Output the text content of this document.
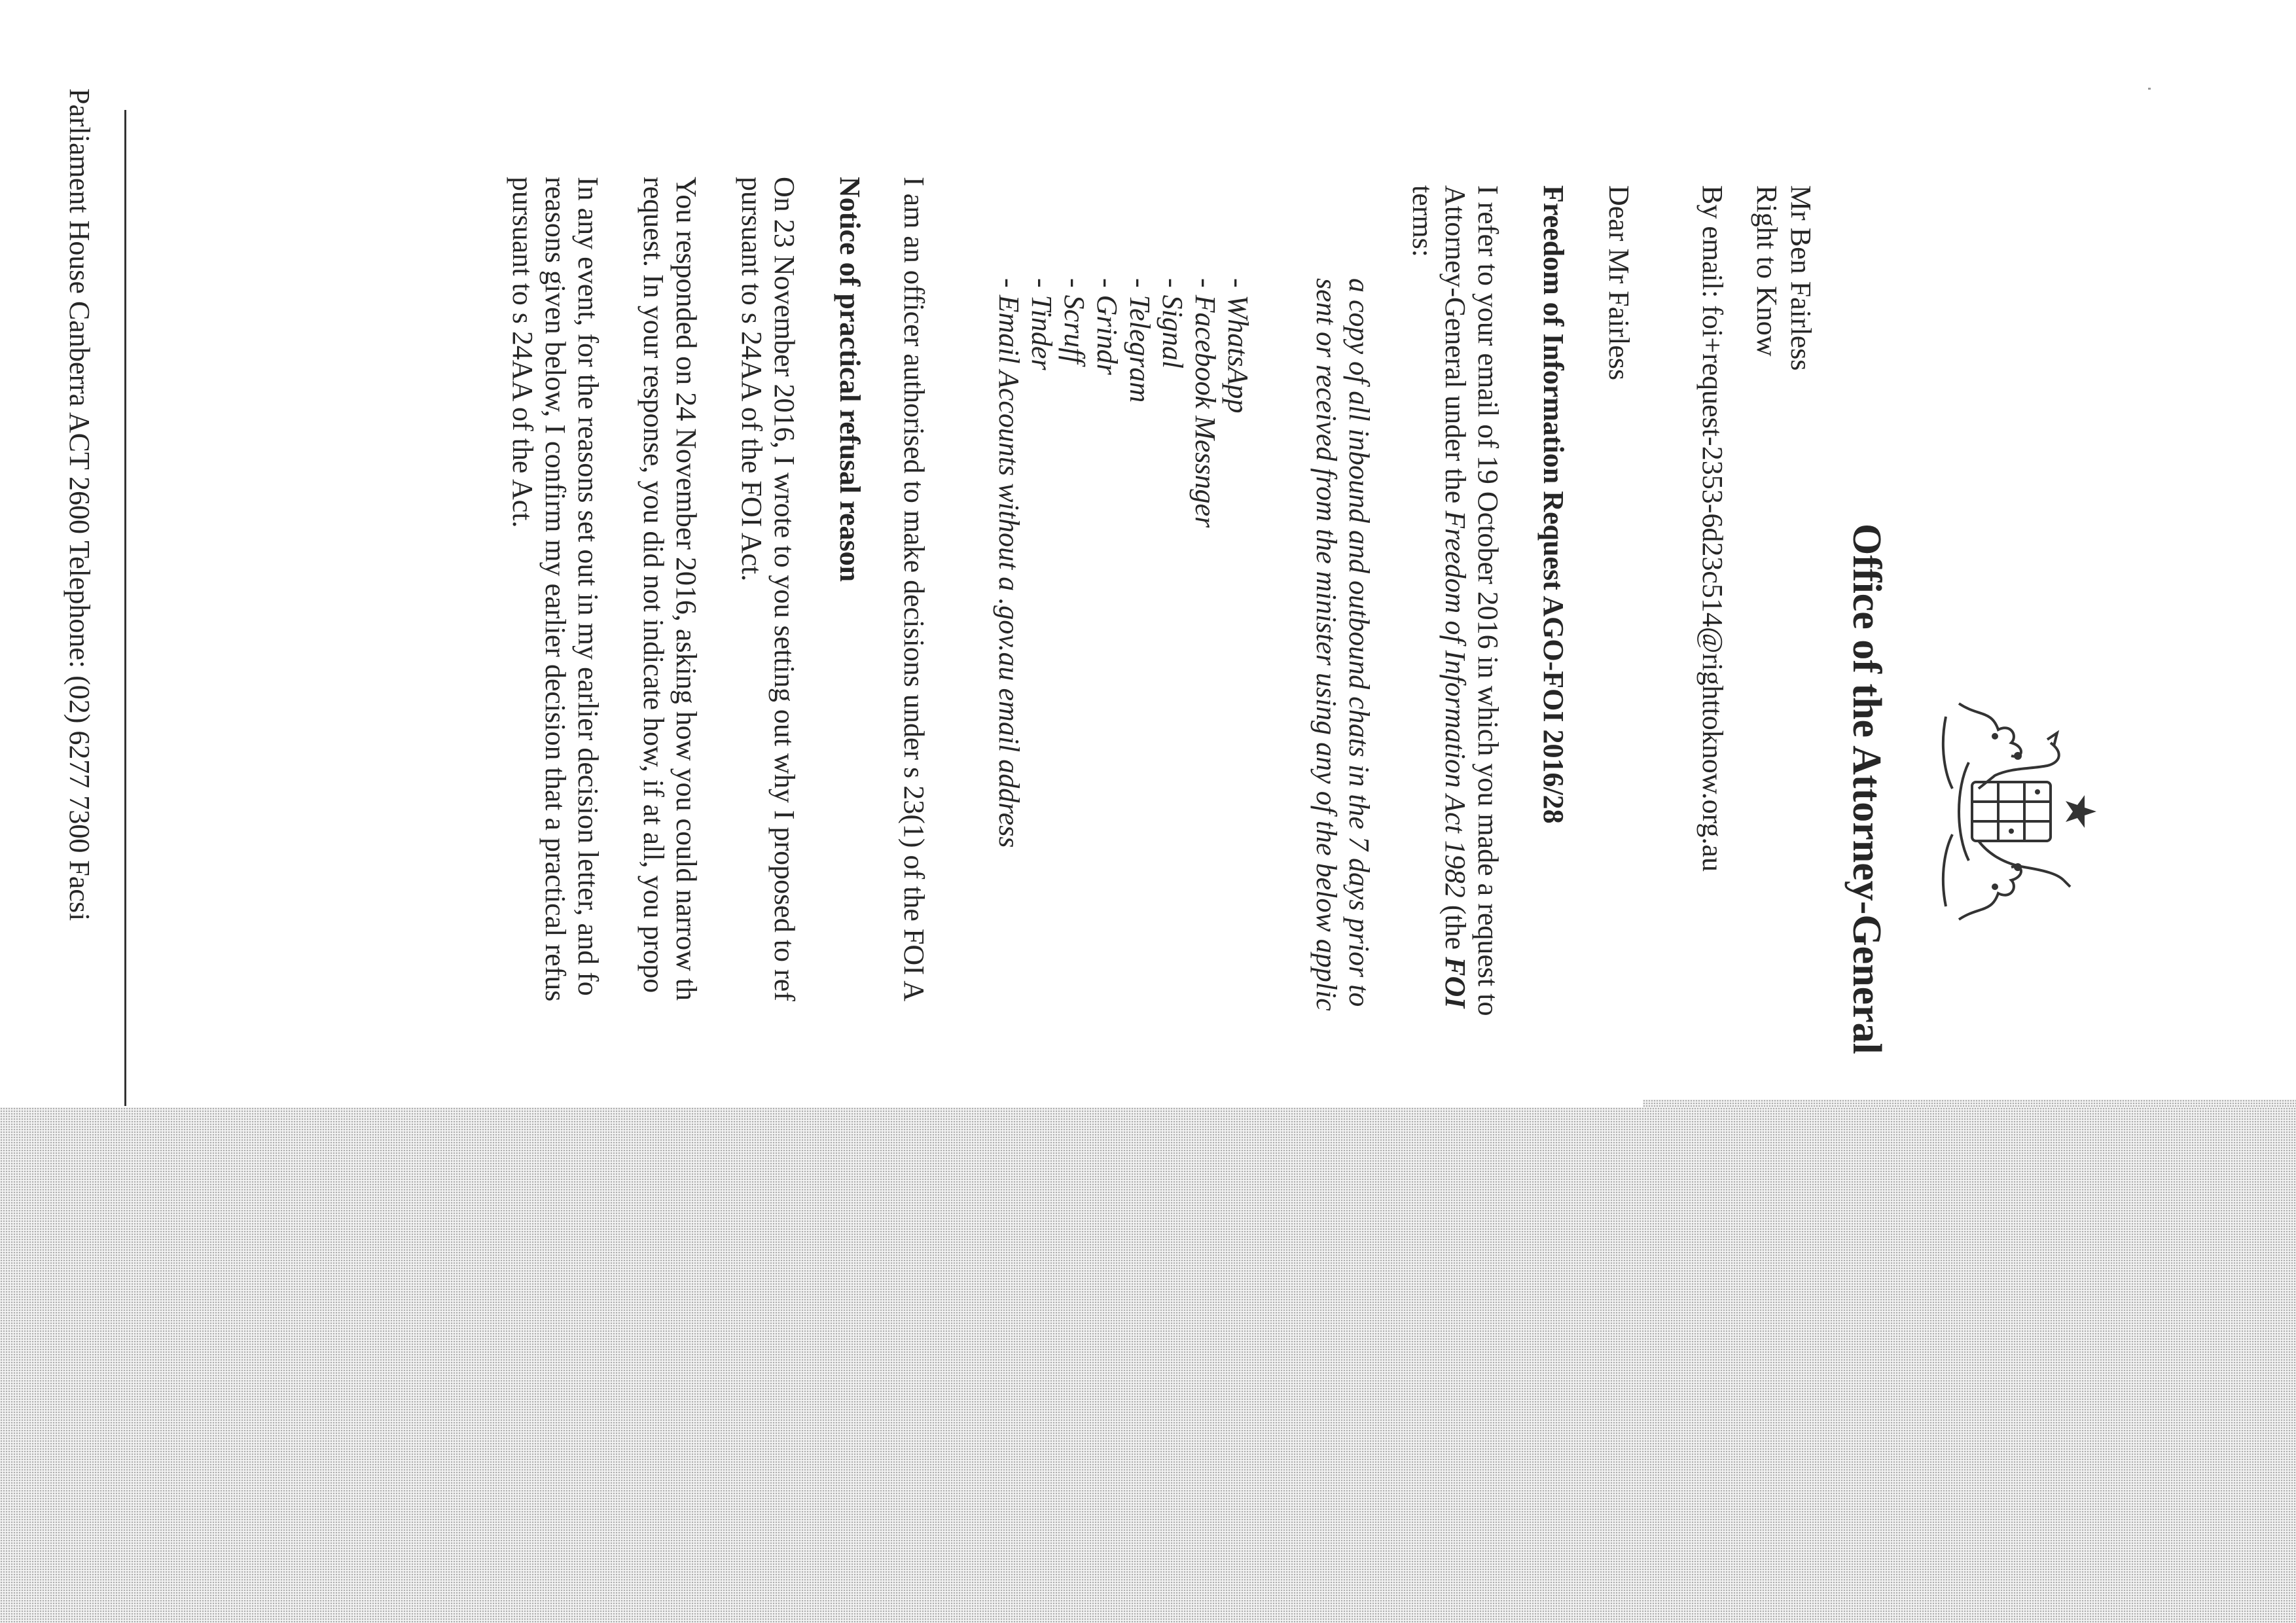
Office of the Attorney-General
Mr Ben Fairless
Right to Know
By email: foi+request-2353-6d23c514@righttoknow.org.au
Dear Mr Fairless
Freedom of Information Request AGO-FOI 2016/28
I refer to your email of 19 October 2016 in which you made a request to
Attorney-General under the Freedom of Information Act 1982 (the FOI
terms:
a copy of all inbound and outbound chats in the 7 days prior to
sent or received from the minister using any of the below applic
- WhatsApp
- Facebook Messnger
- Signal
- Telegram
- Grindr
- Scruff
- Tinder
- Email Accounts without a .gov.au email address
I am an officer authorised to make decisions under s 23(1) of the FOI A
Notice of practical refusal reason
On 23 November 2016, I wrote to you setting out why I proposed to ref
pursuant to s 24AA of the FOI Act.
You responded on 24 November 2016, asking how you could narrow th
request. In your response, you did not indicate how, if at all, you propo
In any event, for the reasons set out in my earlier decision letter, and fo
reasons given below, I confirm my earlier decision that a practical refus
pursuant to s 24AA of the Act.
Parliament House Canberra ACT 2600 Telephone: (02) 6277 7300 Facsi
